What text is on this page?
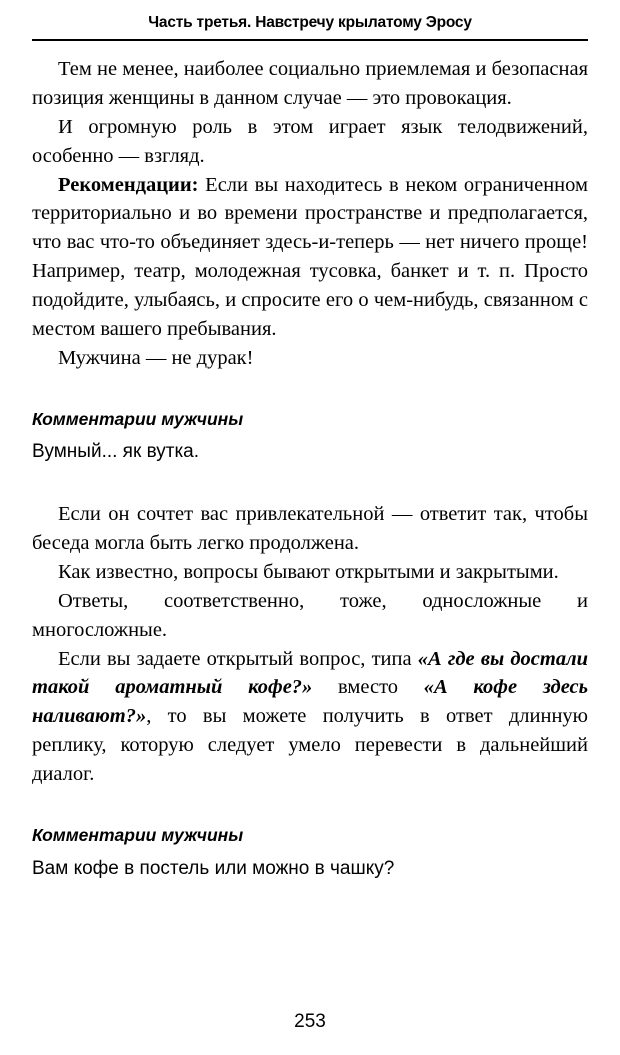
Часть третья. Навстречу крылатому Эросу

Тем не менее, наиболее социально приемлемая и безопасная позиция женщины в данном случае — это провокация.

И огромную роль в этом играет язык телодвижений, особенно — взгляд.

Рекомендации: Если вы находитесь в неком ограниченном территориально и во времени пространстве и предполагается, что вас что-то объединяет здесь-и-теперь — нет ничего проще! Например, театр, молодежная тусовка, банкет и т. п. Просто подойдите, улыбаясь, и спросите его о чем-нибудь, связанном с местом вашего пребывания.

Мужчина — не дурак!

Комментарии мужчины

Вумный... як вутка.

Если он сочтет вас привлекательной — ответит так, чтобы беседа могла быть легко продолжена.

Как известно, вопросы бывают открытыми и закрытыми.

Ответы, соответственно, тоже, односложные и многосложные.

Если вы задаете открытый вопрос, типа «А где вы достали такой ароматный кофе?» вместо «А кофе здесь наливают?», то вы можете получить в ответ длинную реплику, которую следует умело перевести в дальнейший диалог.

Комментарии мужчины

Вам кофе в постель или можно в чашку?

253
